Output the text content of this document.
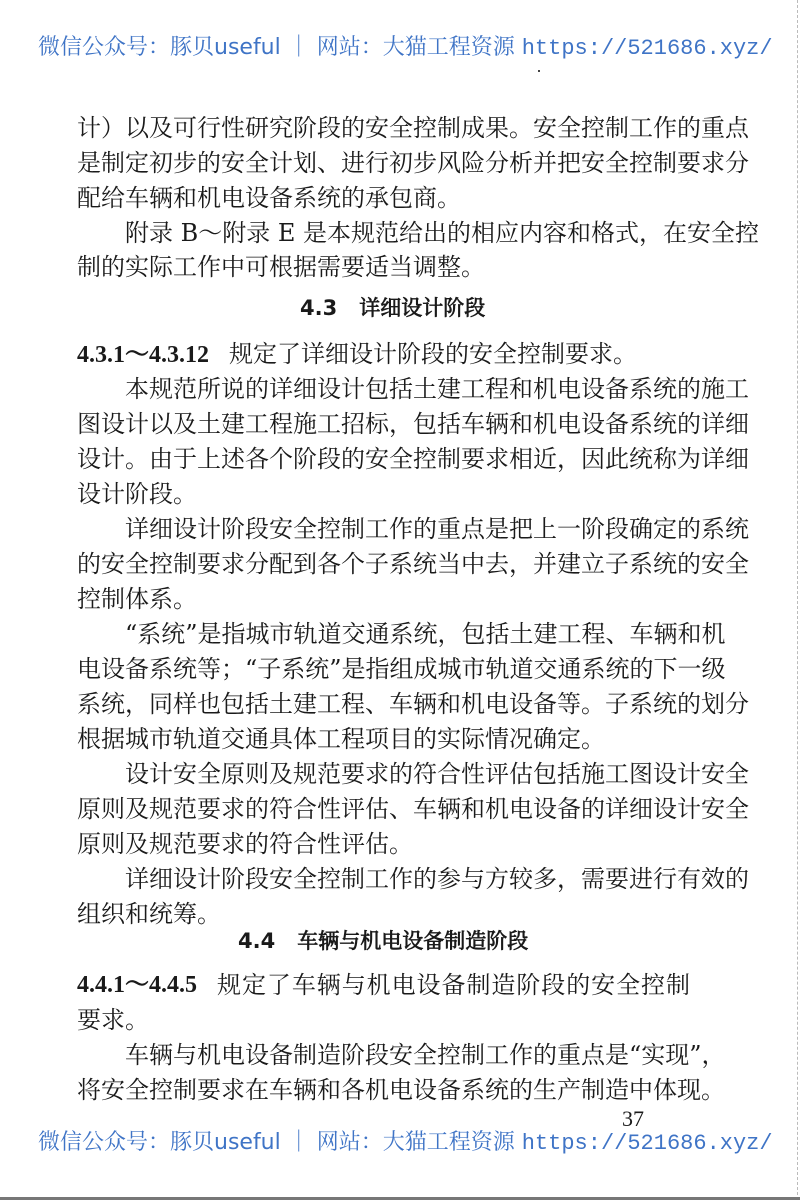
微信公众号：豚贝useful ｜ 网站：大猫工程资源 https://521686.xyz/
计）以及可行性研究阶段的安全控制成果。安全控制工作的重点
是制定初步的安全计划、进行初步风险分析并把安全控制要求分
配给车辆和机电设备系统的承包商。
附录 B～附录 E 是本规范给出的相应内容和格式，在安全控
制的实际工作中可根据需要适当调整。
4.3 详细设计阶段
4.3.1～4.3.12 规定了详细设计阶段的安全控制要求。
本规范所说的详细设计包括土建工程和机电设备系统的施工
图设计以及土建工程施工招标，包括车辆和机电设备系统的详细
设计。由于上述各个阶段的安全控制要求相近，因此统称为详细
设计阶段。
详细设计阶段安全控制工作的重点是把上一阶段确定的系统
的安全控制要求分配到各个子系统当中去，并建立子系统的安全
控制体系。
“系统”是指城市轨道交通系统，包括土建工程、车辆和机
电设备系统等；“子系统”是指组成城市轨道交通系统的下一级
系统，同样也包括土建工程、车辆和机电设备等。子系统的划分
根据城市轨道交通具体工程项目的实际情况确定。
设计安全原则及规范要求的符合性评估包括施工图设计安全
原则及规范要求的符合性评估、车辆和机电设备的详细设计安全
原则及规范要求的符合性评估。
详细设计阶段安全控制工作的参与方较多，需要进行有效的
组织和统筹。
4.4 车辆与机电设备制造阶段
4.4.1～4.4.5 规定了车辆与机电设备制造阶段的安全控制
要求。
车辆与机电设备制造阶段安全控制工作的重点是“实现”，
将安全控制要求在车辆和各机电设备系统的生产制造中体现。
37
微信公众号：豚贝useful ｜ 网站：大猫工程资源 https://521686.xyz/
